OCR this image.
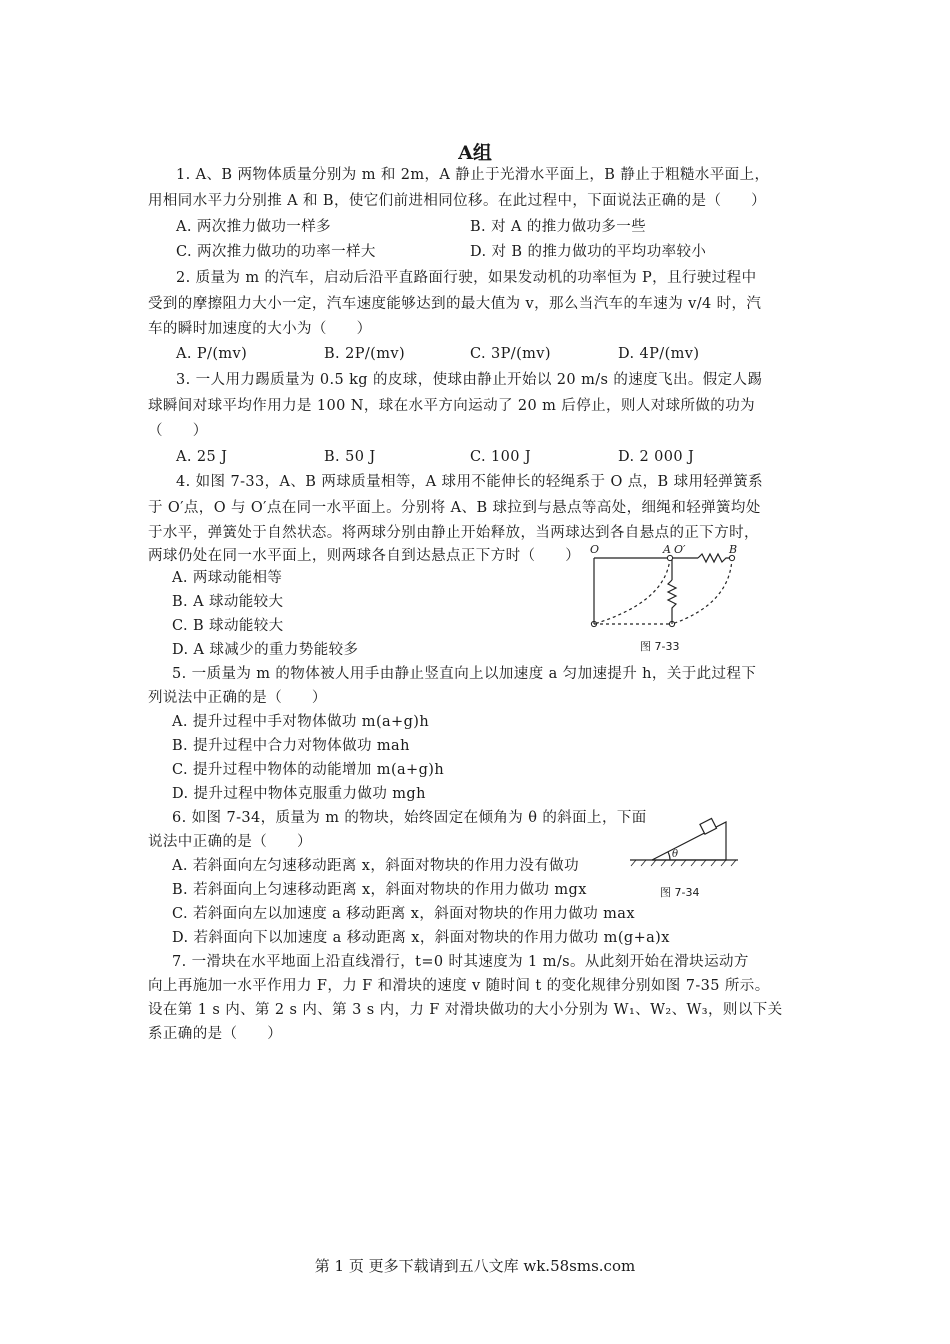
A组
1. A、B 两物体质量分别为 m 和 2m，A 静止于光滑水平面上，B 静止于粗糙水平面上，
用相同水平力分别推 A 和 B，使它们前进相同位移。在此过程中，下面说法正确的是（　　）
A. 两次推力做功一样多	B. 对 A 的推力做功多一些
C. 两次推力做功的功率一样大	D. 对 B 的推力做功的平均功率较小
2. 质量为 m 的汽车，启动后沿平直路面行驶，如果发动机的功率恒为 P，且行驶过程中
受到的摩擦阻力大小一定，汽车速度能够达到的最大值为 v，那么当汽车的车速为 v/4 时，汽
车的瞬时加速度的大小为（　　）
A. P/(mv)	B. 2P/(mv)	C. 3P/(mv)	D. 4P/(mv)
3. 一人用力踢质量为 0.5 kg 的皮球，使球由静止开始以 20 m/s 的速度飞出。假定人踢
球瞬间对球平均作用力是 100 N，球在水平方向运动了 20 m 后停止，则人对球所做的功为
（　　）
A. 25 J	B. 50 J	C. 100 J	D. 2 000 J
4. 如图 7-33，A、B 两球质量相等，A 球用不能伸长的轻绳系于 O 点，B 球用轻弹簧系
于 O′点，O 与 O′点在同一水平面上。分别将 A、B 球拉到与悬点等高处，细绳和轻弹簧均处
于水平，弹簧处于自然状态。将两球分别由静止开始释放，当两球达到各自悬点的正下方时，
两球仍处在同一水平面上，则两球各自到达悬点正下方时（　　）
A. 两球动能相等
B. A 球动能较大
C. B 球动能较大
D. A 球减少的重力势能较多
O	A O′	B
图 7-33
5. 一质量为 m 的物体被人用手由静止竖直向上以加速度 a 匀加速提升 h，关于此过程下
列说法中正确的是（　　）
A. 提升过程中手对物体做功 m(a+g)h
B. 提升过程中合力对物体做功 mah
C. 提升过程中物体的动能增加 m(a+g)h
D. 提升过程中物体克服重力做功 mgh
6. 如图 7-34，质量为 m 的物块，始终固定在倾角为 θ 的斜面上，下面
说法中正确的是（　　）
A. 若斜面向左匀速移动距离 x，斜面对物块的作用力没有做功
B. 若斜面向上匀速移动距离 x，斜面对物块的作用力做功 mgx
C. 若斜面向左以加速度 a 移动距离 x，斜面对物块的作用力做功 max
D. 若斜面向下以加速度 a 移动距离 x，斜面对物块的作用力做功 m(g+a)x
θ
图 7-34
7. 一滑块在水平地面上沿直线滑行，t=0 时其速度为 1 m/s。从此刻开始在滑块运动方
向上再施加一水平作用力 F，力 F 和滑块的速度 v 随时间 t 的变化规律分别如图 7-35 所示。
设在第 1 s 内、第 2 s 内、第 3 s 内，力 F 对滑块做功的大小分别为 W₁、W₂、W₃，则以下关
系正确的是（　　）
第 1 页 更多下载请到五八文库 wk.58sms.com
